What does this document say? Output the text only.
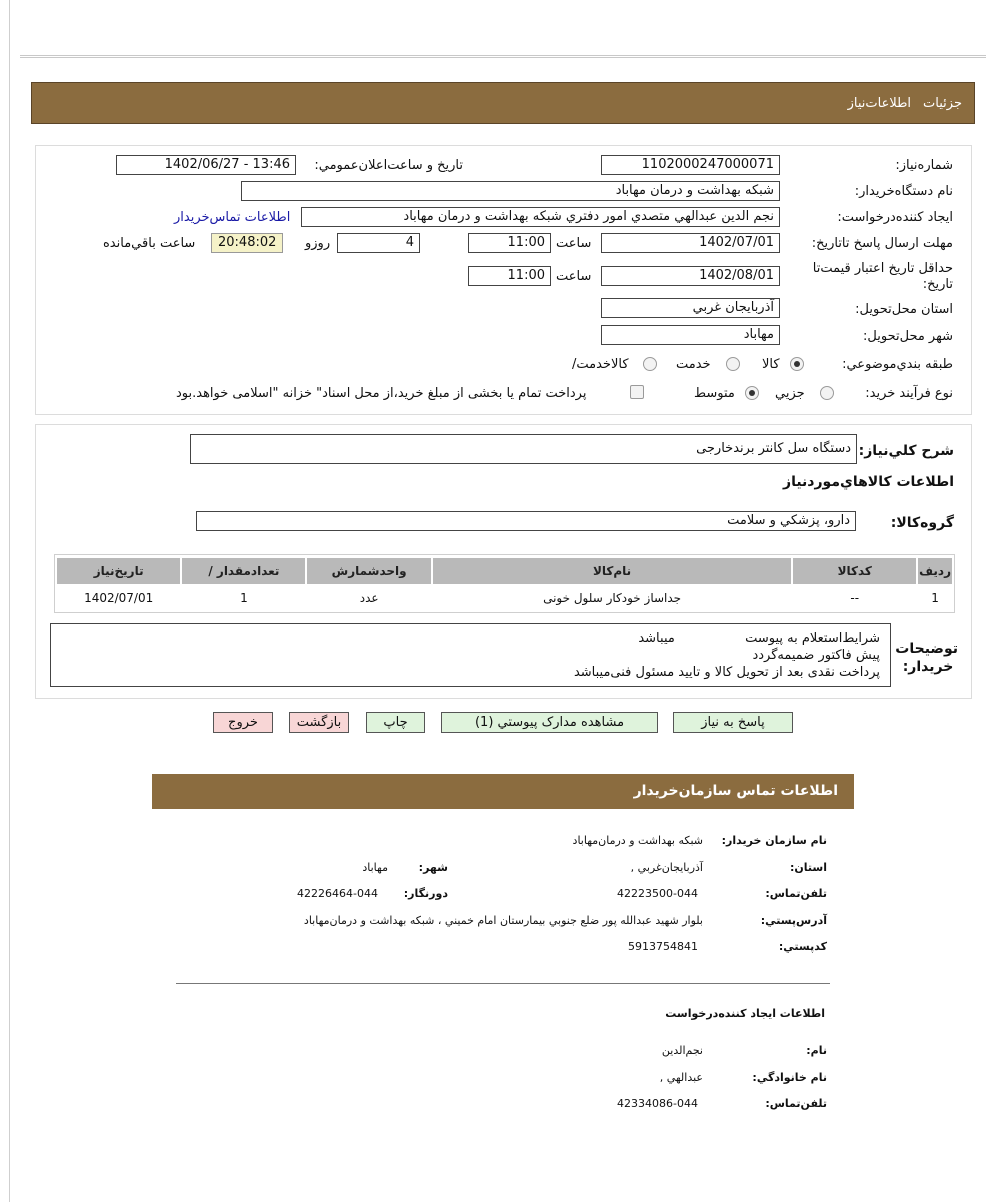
جزئيات
اطلاعات‌نياز
شماره‌نياز:
1102000247000071
تاريخ و ساعت‌اعلان‌عمومي:
1402/06/27 - 13:46
نام دستگاه‌خريدار:
شبکه بهداشت و درمان مهاباد
ايجاد کننده‌درخواست:
نجم الدين عبدالهي متصدي امور دفتري شبکه بهداشت و درمان مهاباد
اطلاعات تماس‌خريدار
مهلت ارسال ‌پاسخ تا‌تاريخ:
1402/07/01
ساعت
11:00
4
روزو
20:48:02
ساعت باقي‌مانده
حداقل تاريخ اعتبار ‌قيمت‌تا تاريخ:
1402/08/01
ساعت
11:00
استان محل‌تحويل:
آذربايجان غربي
شهر محل‌تحويل:
مهاباد
طبقه بندي‌موضوعي:
کالا
خدمت
کالا‌خدمت/
نوع فرآيند‌ خريد:
جزيي
متوسط
پرداخت تمام يا بخشی از مبلغ خريد،از محل اسناد" خزانه "اسلامی خواهد.بود
شرح کلي‌نياز:
دستگاه سل کانتر برندخارجی
اطلاعات کالاهاي‌موردنياز
گروه‌کالا:
دارو، پزشکي و سلامت
رديف	کدکالا	نام‌کالا	واحدشمارش	تعدادمقدار /	تاريخ‌نياز
1	--	جداساز خودکار سلول خونی	عدد	1	1402/07/01
توضيحات خريدار:
شرايط‌استعلام به پيوست                 ميباشد
پيش فاکتور ضميمه‌گردد
پرداخت نقدی بعد از تحويل کالا و تاييد مسئول فنی‌ميباشد
پاسخ به نياز
مشاهده مدارک پيوستي (1)
چاپ
بازگشت
خروج
اطلاعات تماس سازمان‌خريدار
نام سازمان‌ خريدار:
شبکه بهداشت و درمان‌مهاباد
استان:
آذربايجان‌غربي ,
شهر:
مهاباد
تلفن‌تماس:
42223500-044
دورنگار:
42226464-044
آدرس‌پستي:
بلوار شهيد عبدالله پور ضلع جنوبي بيمارستان امام خميني ، شبکه بهداشت و درمان‌مهاباد
کدپستي:
5913754841
اطلاعات ايجاد کننده‌درخواست
نام:
نجم‌الدين
نام خانوادگي:
عبدالهي ,
تلفن‌تماس:
42334086-044
